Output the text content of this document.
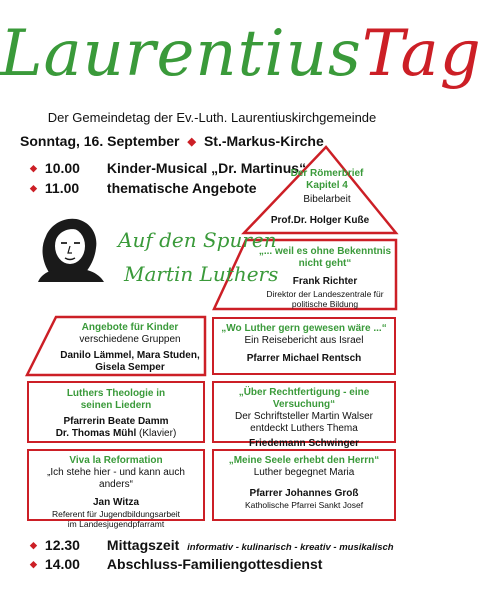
LaurentiusTag
Der Gemeindetag der Ev.-Luth. Laurentiuskirchgemeinde
Sonntag, 16. September ◆ St.-Markus-Kirche
◆ 10.00 Kinder-Musical „Dr. Martinus“
◆ 11.00 thematische Angebote
Der Römerbrief Kapitel 4
Bibelarbeit
Prof.Dr. Holger Kuße
„... weil es ohne Bekenntnis nicht geht“
Frank Richter
Direktor der Landeszentrale für politische Bildung
Auf den Spuren
Martin Luthers
Angebote für Kinder
verschiedene Gruppen
Danilo Lämmel, Mara Studen, Gisela Semper
„Wo Luther gern gewesen wäre ...“
Ein Reisebericht aus Israel
Pfarrer Michael Rentsch
Luthers Theologie in seinen Liedern
Pfarrerin Beate Damm
Dr. Thomas Mühl (Klavier)
„Über Rechtfertigung - eine Versuchung“
Der Schriftsteller Martin Walser entdeckt Luthers Thema
Friedemann Schwinger
Viva la Reformation
„Ich stehe hier - und kann auch anders“
Jan Witza
Referent für Jugendbildungsarbeit im Landesjugendpfarramt
„Meine Seele erhebt den Herrn“
Luther begegnet Maria
Pfarrer Johannes Groß
Katholische Pfarrei Sankt Josef
◆ 12.30 Mittagszeit informativ - kulinarisch - kreativ - musikalisch
◆ 14.00 Abschluss-Familiengottesdienst
